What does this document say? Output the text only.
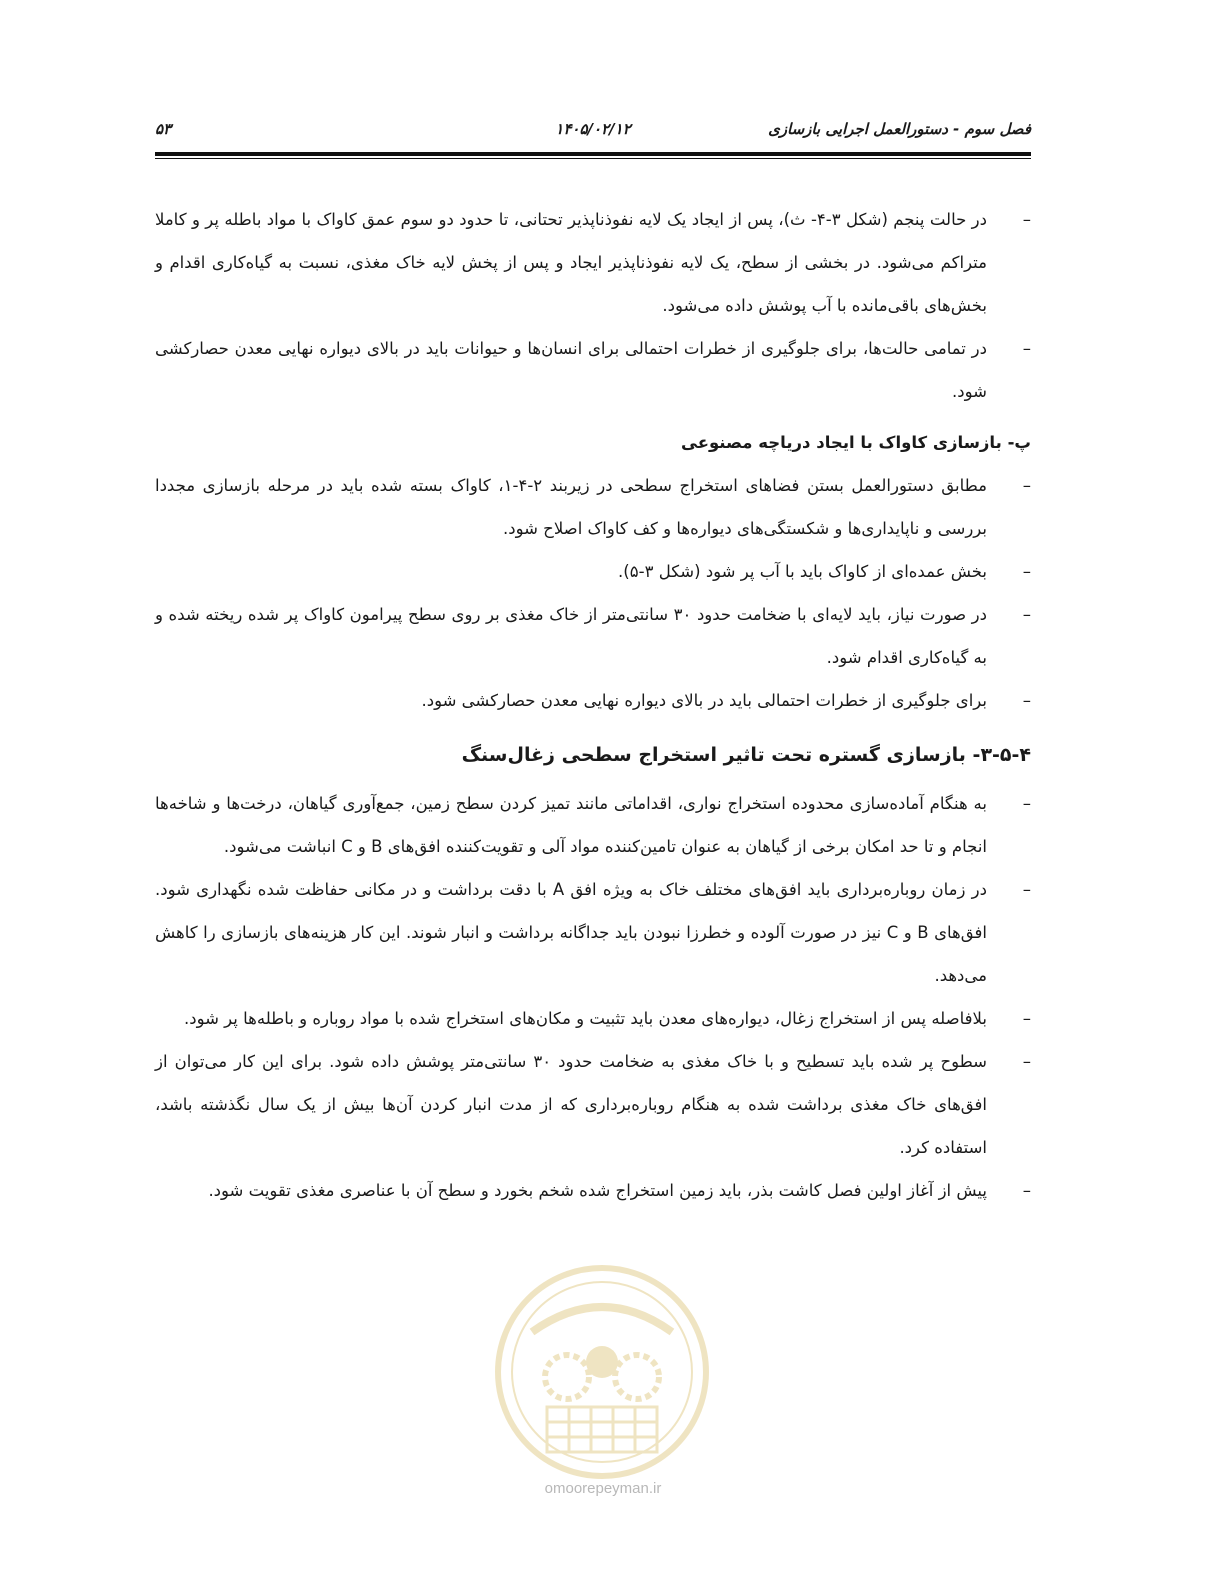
فصل سوم - دستورالعمل اجرایی بازسازی
۱۴۰۵/۰۲/۱۲
۵۳
– در حالت پنجم (شکل ۳-۴- ث)، پس از ایجاد یک لایه نفوذناپذیر تحتانی، تا حدود دو سوم عمق کاواک با مواد باطله پر و کاملا متراکم می‌شود. در بخشی از سطح، یک لایه نفوذناپذیر ایجاد و پس از پخش لایه خاک مغذی، نسبت به گیاه‌کاری اقدام و بخش‌های باقی‌مانده با آب پوشش داده می‌شود.
– در تمامی حالت‌ها، برای جلوگیری از خطرات احتمالی برای انسان‌ها و حیوانات باید در بالای دیواره نهایی معدن حصارکشی شود.
پ- بازسازی کاواک با ایجاد دریاچه مصنوعی
– مطابق دستورالعمل بستن فضاهای استخراج سطحی در زیربند ۲-۴-۱، کاواک بسته شده باید در مرحله بازسازی مجددا بررسی و ناپایداری‌ها و شکستگی‌های دیواره‌ها و کف کاواک اصلاح شود.
– بخش عمده‌ای از کاواک باید با آب پر شود (شکل ۳-۵).
– در صورت نیاز، باید لایه‌ای با ضخامت حدود ۳۰ سانتی‌متر از خاک مغذی بر روی سطح پیرامون کاواک پر شده ریخته شده و به گیاه‌کاری اقدام شود.
– برای جلوگیری از خطرات احتمالی باید در بالای دیواره نهایی معدن حصارکشی شود.
۳-۵-۴- بازسازی گستره تحت تاثیر استخراج سطحی زغال‌سنگ
– به هنگام آماده‌سازی محدوده استخراج نواری، اقداماتی مانند تمیز کردن سطح زمین، جمع‌آوری گیاهان، درخت‌ها و شاخه‌ها انجام و تا حد امکان برخی از گیاهان به عنوان تامین‌کننده مواد آلی و تقویت‌کننده افق‌های B و C انباشت می‌شود.
– در زمان روباره‌برداری باید افق‌های مختلف خاک به ویژه افق A با دقت برداشت و در مکانی حفاظت شده نگهداری شود. افق‌های B و C نیز در صورت آلوده و خطرزا نبودن باید جداگانه برداشت و انبار شوند. این کار هزینه‌های بازسازی را کاهش می‌دهد.
– بلافاصله پس از استخراج زغال، دیواره‌های معدن باید تثبیت و مکان‌های استخراج شده با مواد روباره و باطله‌ها پر شود.
– سطوح پر شده باید تسطیح و با خاک مغذی به ضخامت حدود ۳۰ سانتی‌متر پوشش داده شود. برای این کار می‌توان از افق‌های خاک مغذی برداشت شده به هنگام روباره‌برداری که از مدت انبار کردن آن‌ها بیش از یک سال نگذشته باشد، استفاده کرد.
– پیش از آغاز اولین فصل کاشت بذر، باید زمین استخراج شده شخم بخورد و سطح آن با عناصری مغذی تقویت شود.
omoorepeyman.ir
